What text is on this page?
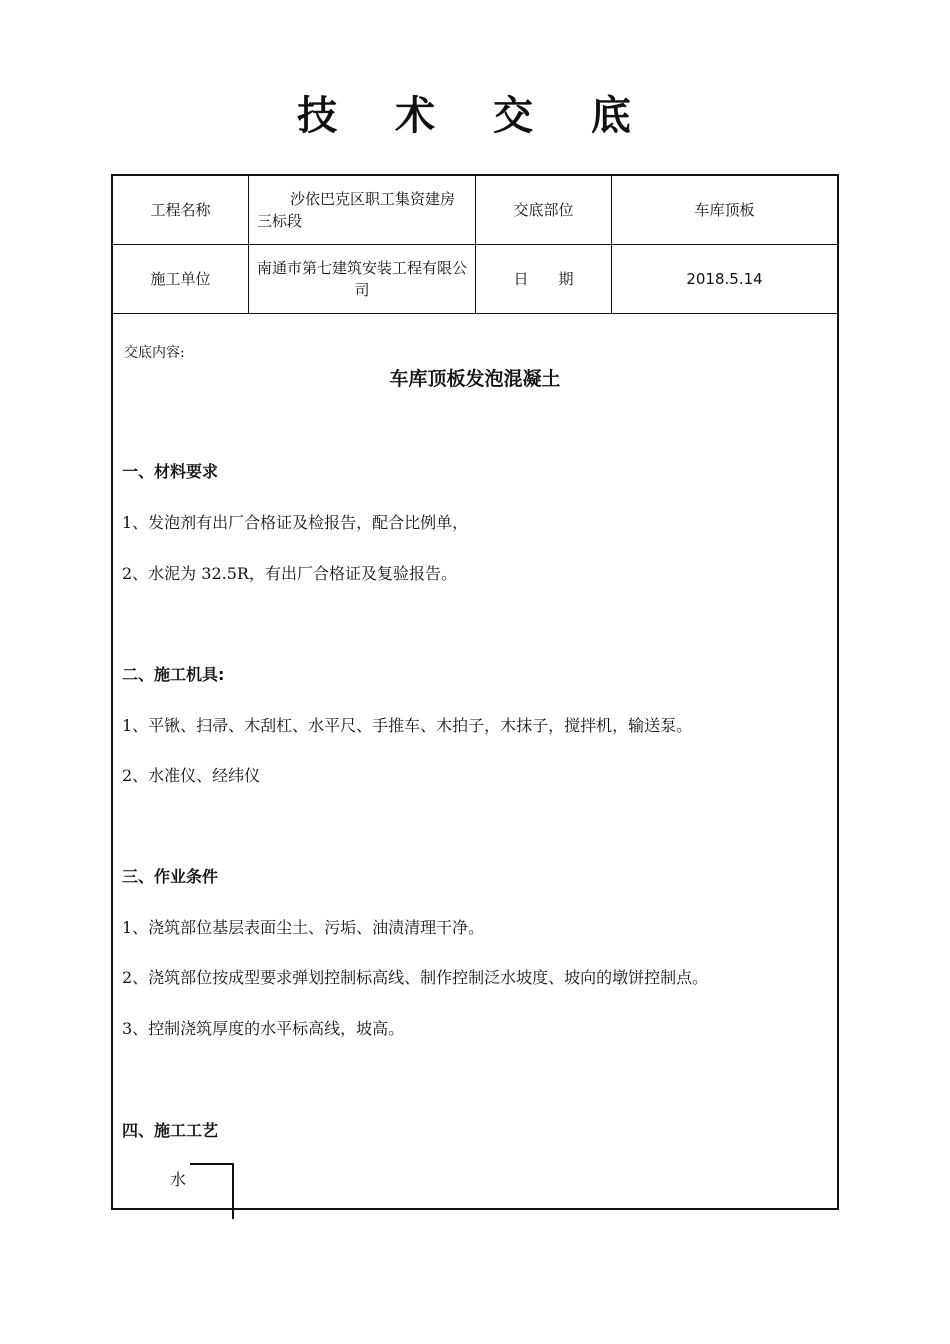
技 术 交 底
工程名称
沙依巴克区职工集资建房三标段
交底部位	车库顶板
施工单位
南通市第七建筑安装工程有限公司
日　　期	2018.5.14
交底内容:
车库顶板发泡混凝土
一、材料要求
1、发泡剂有出厂合格证及检报告，配合比例单，
2、水泥为 32.5R，有出厂合格证及复验报告。
二、施工机具:
1、平锹、扫帚、木刮杠、水平尺、手推车、木拍子，木抹子，搅拌机，输送泵。
2、水准仪、经纬仪
三、作业条件
1、浇筑部位基层表面尘土、污垢、油渍清理干净。
2、浇筑部位按成型要求弹划控制标高线、制作控制泛水坡度、坡向的墩饼控制点。
3、控制浇筑厚度的水平标高线，坡高。
四、施工工艺
水
